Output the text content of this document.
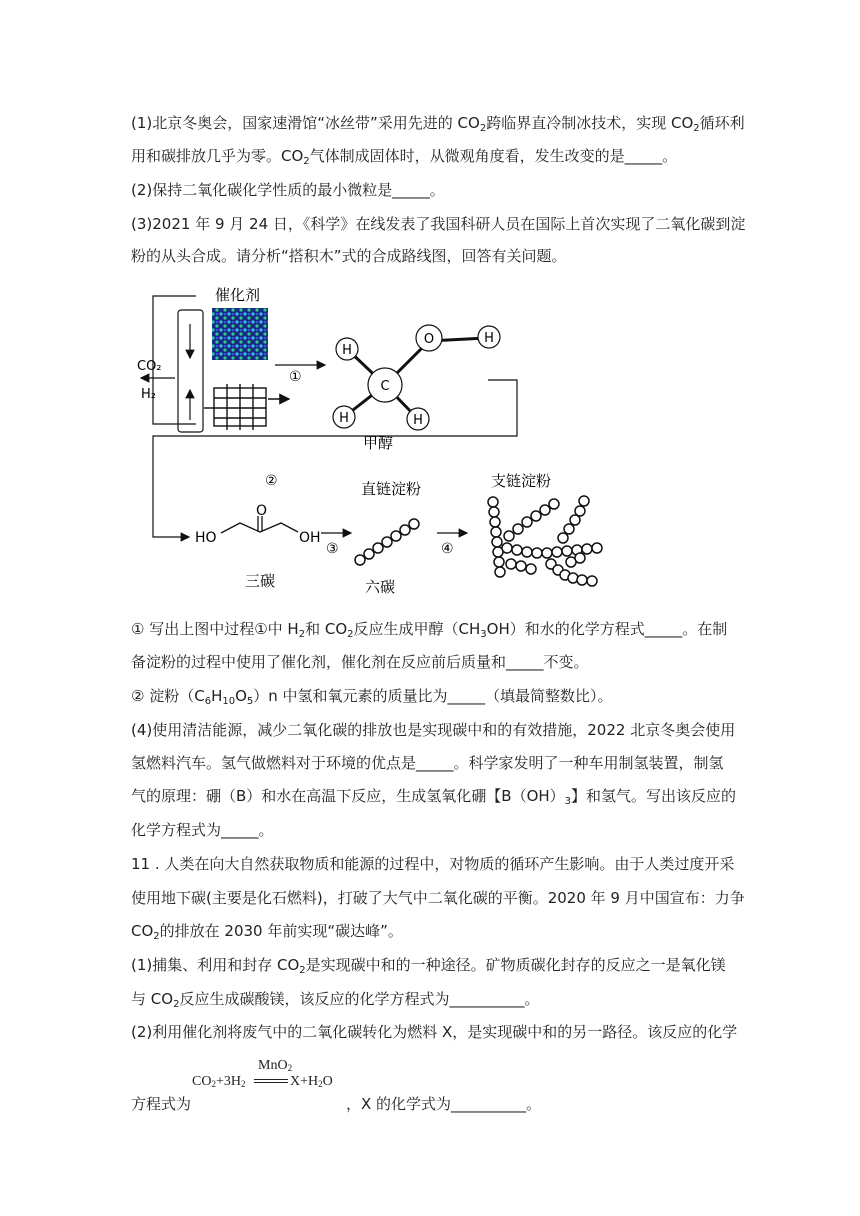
(1)北京冬奥会，国家速滑馆“冰丝带”采用先进的 $CO_2$跨临界直冷制冰技术，实现 $CO_2$循环利
用和碳排放几乎为零。$CO_2$气体制成固体时，从微观角度看，发生改变的是_____。
(2)保持二氧化碳化学性质的最小微粒是_____。
(3)2021 年 9 月 24 日，《科学》在线发表了我国科研人员在国际上首次实现了二氧化碳到淀
粉的从头合成。请分析“搭积木”式的合成路线图，回答有关问题。
CO₂
H₂
催化剂
①
C
H
H	H
O	H
甲醇
②
HO
O
OH
三碳
③
直链淀粉
六碳
④
支链淀粉
① 写出上图中过程①中 $H_2$和 $CO_2$反应生成甲醇$(CH_3OH)$和水的化学方程式_____。在制
备淀粉的过程中使用了催化剂，催化剂在反应前后质量和_____不变。
② 淀粉$(C_6H_{10}O_5)n$ 中氢和氧元素的质量比为_____（填最简整数比）。
(4)使用清洁能源，减少二氧化碳的排放也是实现碳中和的有效措施，2022 北京冬奥会使用
氢燃料汽车。氢气做燃料对于环境的优点是_____。科学家发明了一种车用制氢装置，制氢
气的原理：硼（B）和水在高温下反应，生成氢氧化硼【$B(OH)_3$】和氢气。写出该反应的
化学方程式为_____。
11 . 人类在向大自然获取物质和能源的过程中，对物质的循环产生影响。由于人类过度开采
使用地下碳(主要是化石燃料)，打破了大气中二氧化碳的平衡。2020 年 9 月中国宣布：力争
$CO_2$的排放在 2030 年前实现“碳达峰”。
(1)捕集、利用和封存 $CO_2$是实现碳中和的一种途径。矿物质碳化封存的反应之一是氧化镁
与 $CO_2$反应生成碳酸镁，该反应的化学方程式为__________。
(2)利用催化剂将废气中的二氧化碳转化为燃料 X，是实现碳中和的另一路径。该反应的化学
MnO$_2$
$CO_2+3H_2$	$X+H_2O$
方程式为	，X 的化学式为__________。
